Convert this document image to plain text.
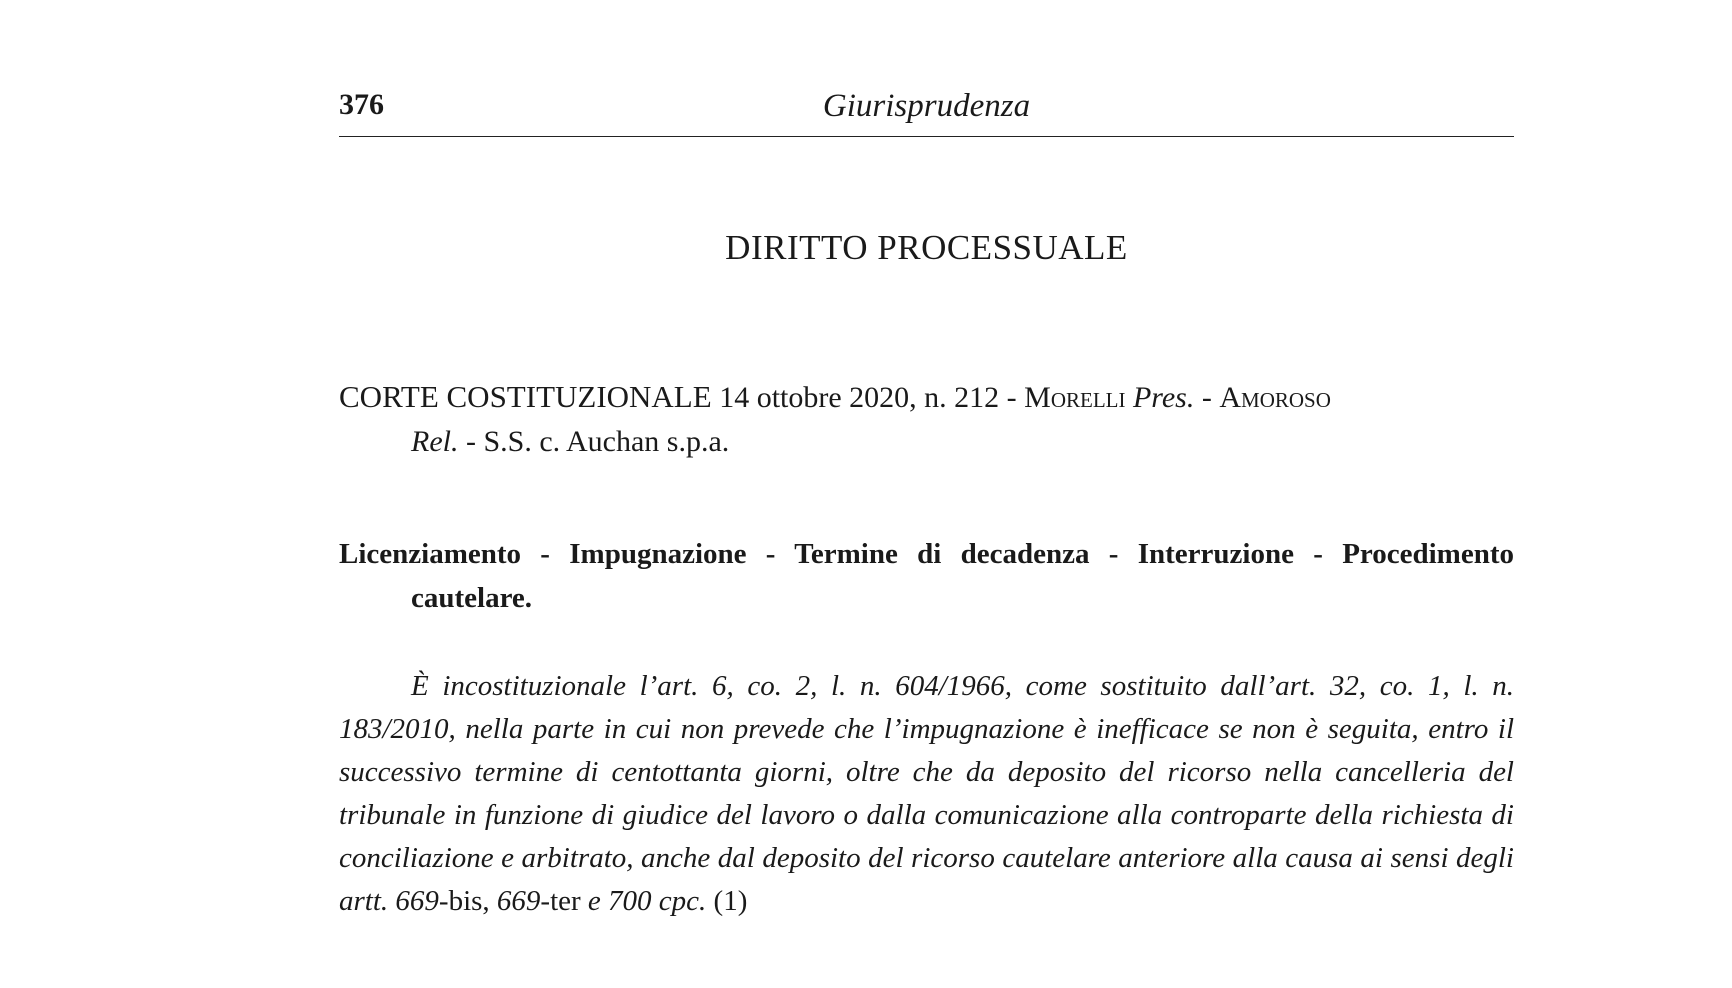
376	Giurisprudenza
DIRITTO PROCESSUALE
CORTE COSTITUZIONALE 14 ottobre 2020, n. 212 - Morelli Pres. - Amoroso
Rel. - S.S. c. Auchan s.p.a.
Licenziamento - Impugnazione - Termine di decadenza - Interruzione - Procedimento
cautelare.

È incostituzionale l’art. 6, co. 2, l. n. 604/1966, come sostituito dall’art. 32, co. 1, l. n. 183/2010, nella parte in cui non prevede che l’impugnazione è inefficace se non è seguita, entro il successivo termine di centottanta giorni, oltre che da deposito del ricorso nella cancelleria del tribunale in funzione di giudice del lavoro o dalla comunicazione alla controparte della richiesta di conciliazione e arbitrato, anche dal deposito del ricorso cautelare anteriore alla causa ai sensi degli artt. 669-bis, 669-ter e 700 cpc. (1)
